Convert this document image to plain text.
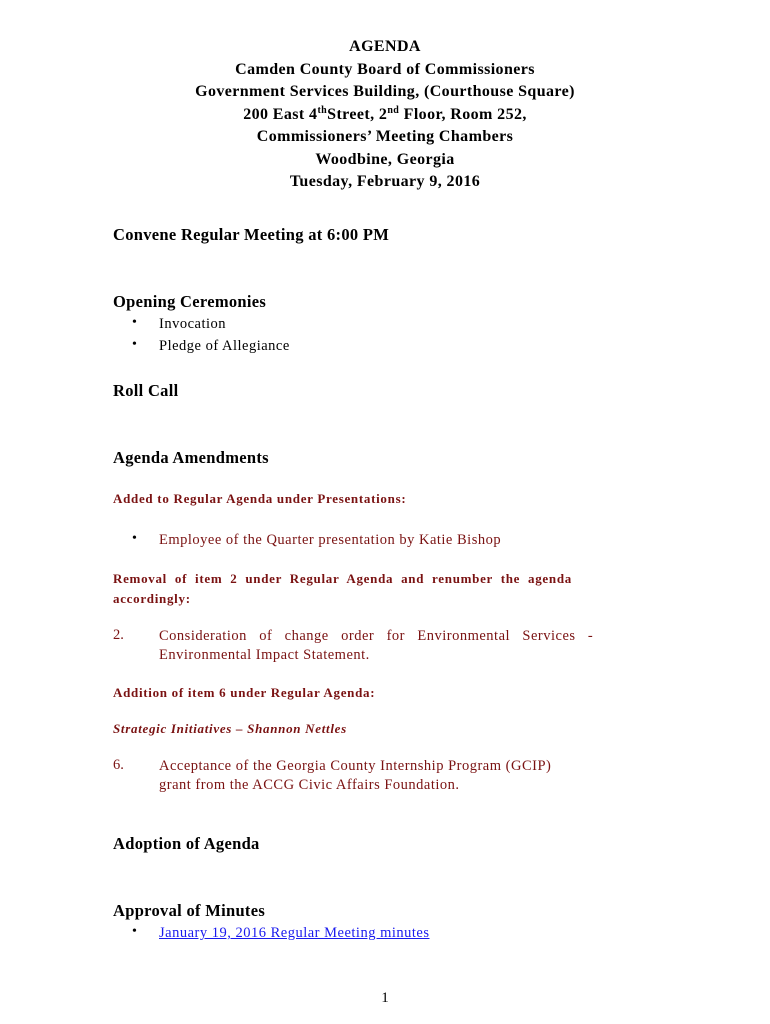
AGENDA
Camden County Board of Commissioners
Government Services Building, (Courthouse Square)
200 East 4thStreet, 2nd Floor, Room 252,
Commissioners’ Meeting Chambers
Woodbine, Georgia
Tuesday, February 9, 2016
Convene Regular Meeting at 6:00 PM
Opening Ceremonies
• Invocation
• Pledge of Allegiance
Roll Call
Agenda Amendments
Added to Regular Agenda under Presentations:
• Employee of the Quarter presentation by Katie Bishop
Removal  of  item  2  under  Regular  Agenda  and  renumber  the  agenda
accordingly:
2. Consideration   of   change   order   for   Environmental   Services   -
Environmental Impact Statement.
Addition of item 6 under Regular Agenda:
Strategic Initiatives – Shannon Nettles
6. Acceptance of the Georgia County Internship Program (GCIP)
grant from the ACCG Civic Affairs Foundation.
Adoption of Agenda
Approval of Minutes
• January 19, 2016 Regular Meeting minutes
1
